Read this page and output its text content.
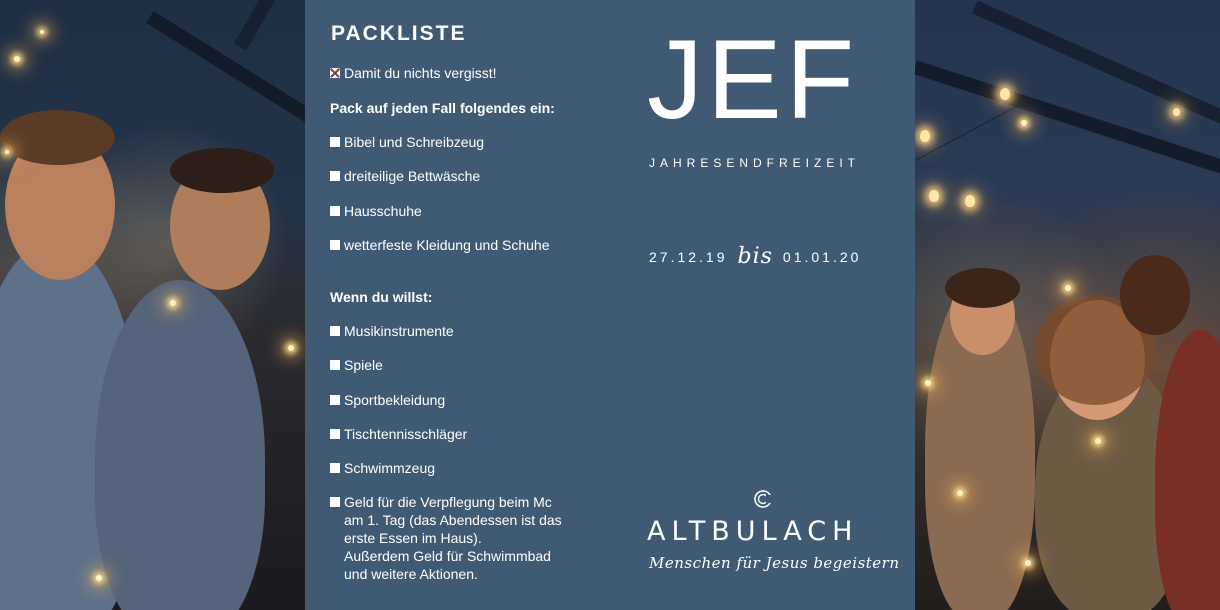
PACKLISTE
Damit du nichts vergisst!
Pack auf jeden Fall folgendes ein:
Bibel und Schreibzeug
dreiteilige Bettwäsche
Hausschuhe
wetterfeste Kleidung und Schuhe
Wenn du willst:
Musikinstrumente
Spiele
Sportbekleidung
Tischtennisschläger
Schwimmzeug
Geld für die Verpflegung beim Mc
am 1. Tag (das Abendessen ist das
erste Essen im Haus).
Außerdem Geld für Schwimmbad
und weitere Aktionen.
JEF
JAHRESENDFREIZEIT
27.12.19 bis 01.01.20
ALTBULACH
Menschen für Jesus begeistern
